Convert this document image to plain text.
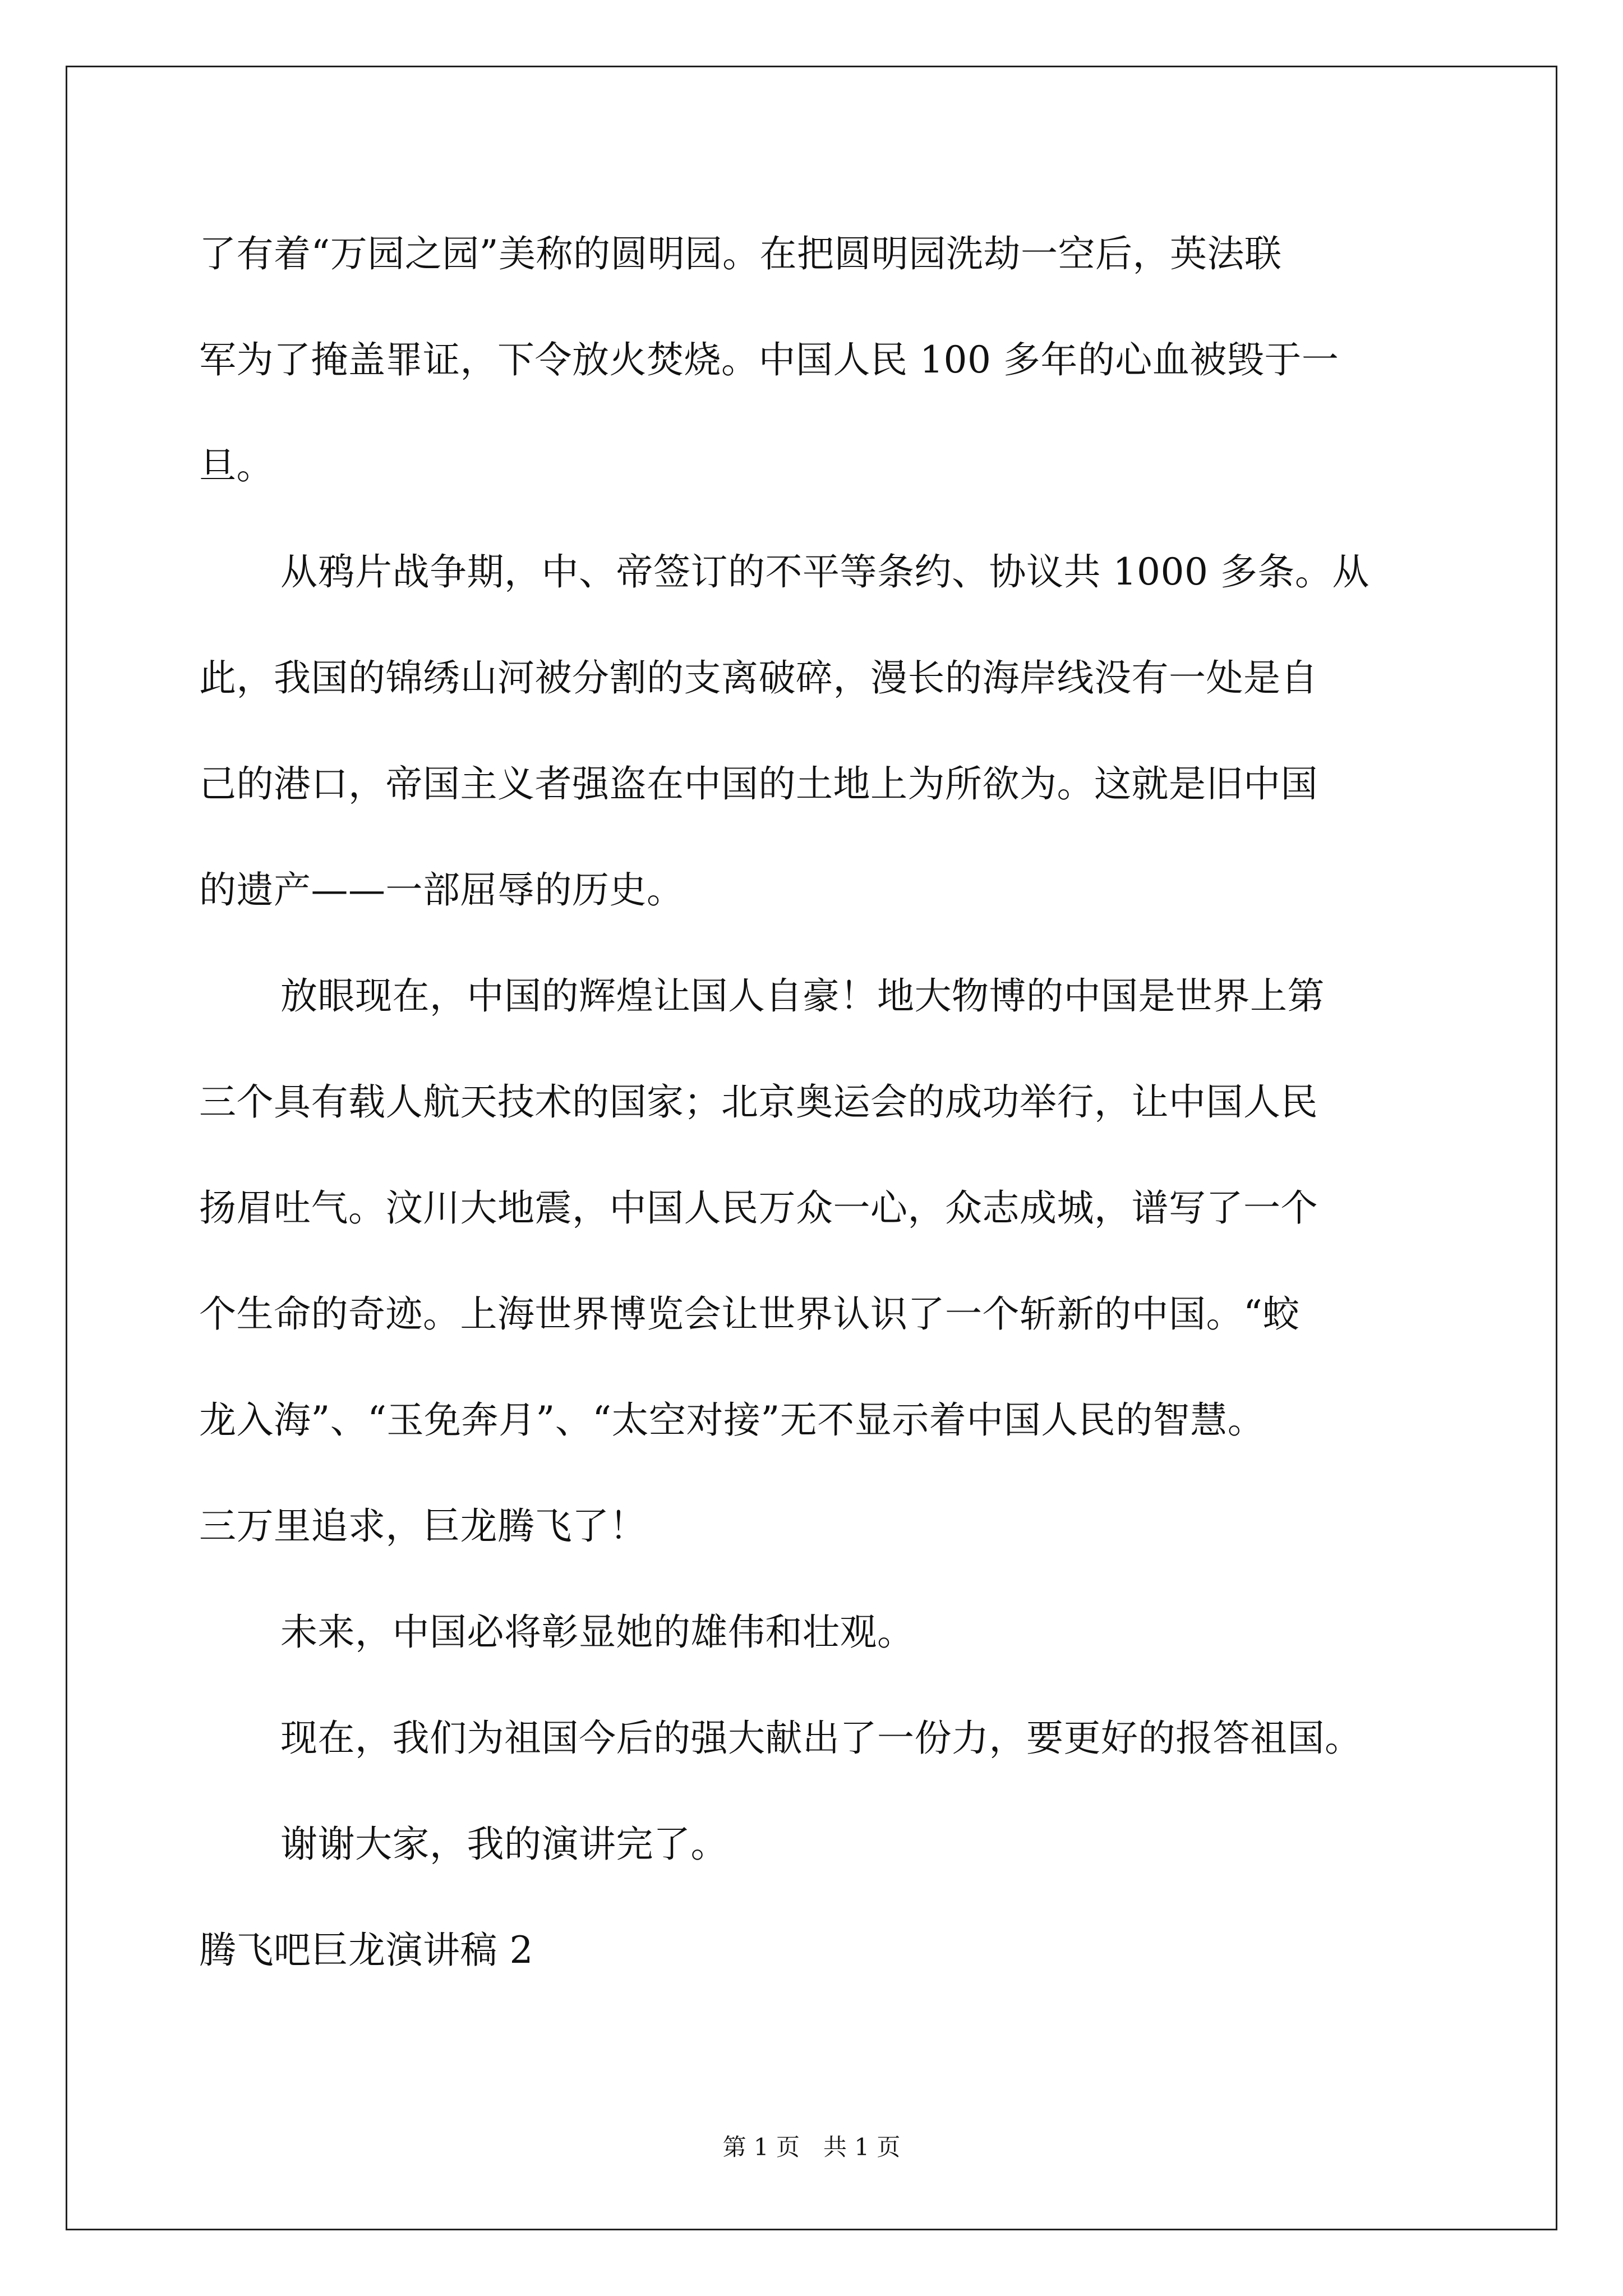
了有着“万园之园”美称的圆明园。在把圆明园洗劫一空后，英法联
军为了掩盖罪证，下令放火焚烧。中国人民 100 多年的心血被毁于一
旦。
从鸦片战争期，中、帝签订的不平等条约、协议共 1000 多条。从
此，我国的锦绣山河被分割的支离破碎，漫长的海岸线没有一处是自
己的港口，帝国主义者强盗在中国的土地上为所欲为。这就是旧中国
的遗产——一部屈辱的历史。
放眼现在，中国的辉煌让国人自豪！地大物博的中国是世界上第
三个具有载人航天技术的国家；北京奥运会的成功举行，让中国人民
扬眉吐气。汶川大地震，中国人民万众一心，众志成城，谱写了一个
个生命的奇迹。上海世界博览会让世界认识了一个斩新的中国。“蛟
龙入海”、“玉免奔月”、“太空对接”无不显示着中国人民的智慧。
三万里追求，巨龙腾飞了！
未来，中国必将彰显她的雄伟和壮观。
现在，我们为祖国今后的强大献出了一份力，要更好的报答祖国。
谢谢大家，我的演讲完了。
腾飞吧巨龙演讲稿 2
第 1 页　共 1 页
